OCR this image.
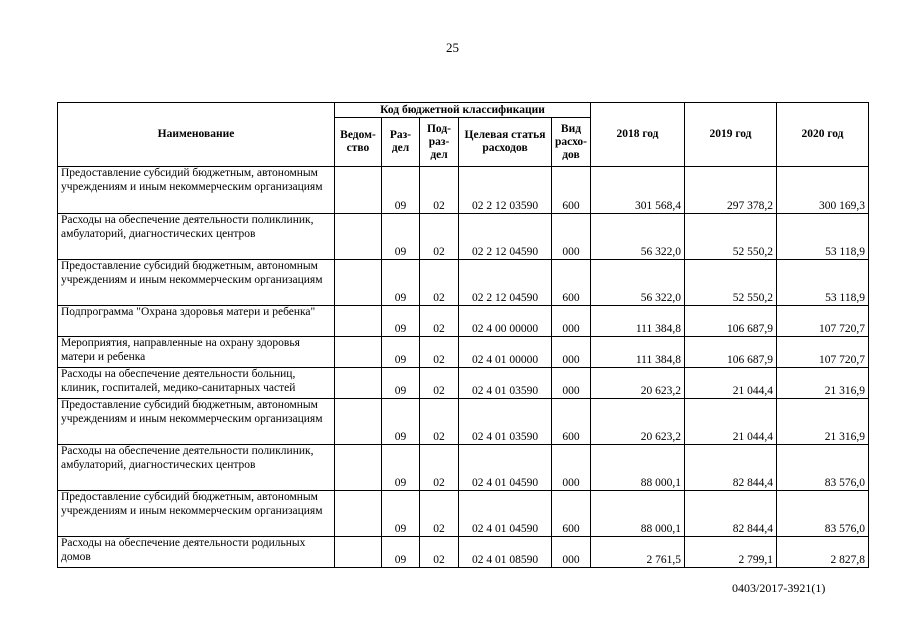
25
Наименование	Код бюджетной классификации					2018 год	2019 год	2020 год
	Ведом-ство	Раз-дел	Под-раз-дел	Целевая статья расходов	Вид расхо-дов			
Предоставление субсидий бюджетным, автономным учреждениям и иным некоммерческим организациям		09	02	02 2 12 03590	600	301 568,4	297 378,2	300 169,3
Расходы на обеспечение деятельности поликлиник, амбулаторий, диагностических центров		09	02	02 2 12 04590	000	56 322,0	52 550,2	53 118,9
Предоставление субсидий бюджетным, автономным учреждениям и иным некоммерческим организациям		09	02	02 2 12 04590	600	56 322,0	52 550,2	53 118,9
Подпрограмма "Охрана здоровья матери и ребенка"		09	02	02 4 00 00000	000	111 384,8	106 687,9	107 720,7
Мероприятия, направленные на охрану здоровья матери и ребенка		09	02	02 4 01 00000	000	111 384,8	106 687,9	107 720,7
Расходы на обеспечение деятельности больниц, клиник, госпиталей, медико-санитарных частей		09	02	02 4 01 03590	000	20 623,2	21 044,4	21 316,9
Предоставление субсидий бюджетным, автономным учреждениям и иным некоммерческим организациям		09	02	02 4 01 03590	600	20 623,2	21 044,4	21 316,9
Расходы на обеспечение деятельности поликлиник, амбулаторий, диагностических центров		09	02	02 4 01 04590	000	88 000,1	82 844,4	83 576,0
Предоставление субсидий бюджетным, автономным учреждениям и иным некоммерческим организациям		09	02	02 4 01 04590	600	88 000,1	82 844,4	83 576,0
Расходы на обеспечение деятельности родильных домов		09	02	02 4 01 08590	000	2 761,5	2 799,1	2 827,8
0403/2017-3921(1)
